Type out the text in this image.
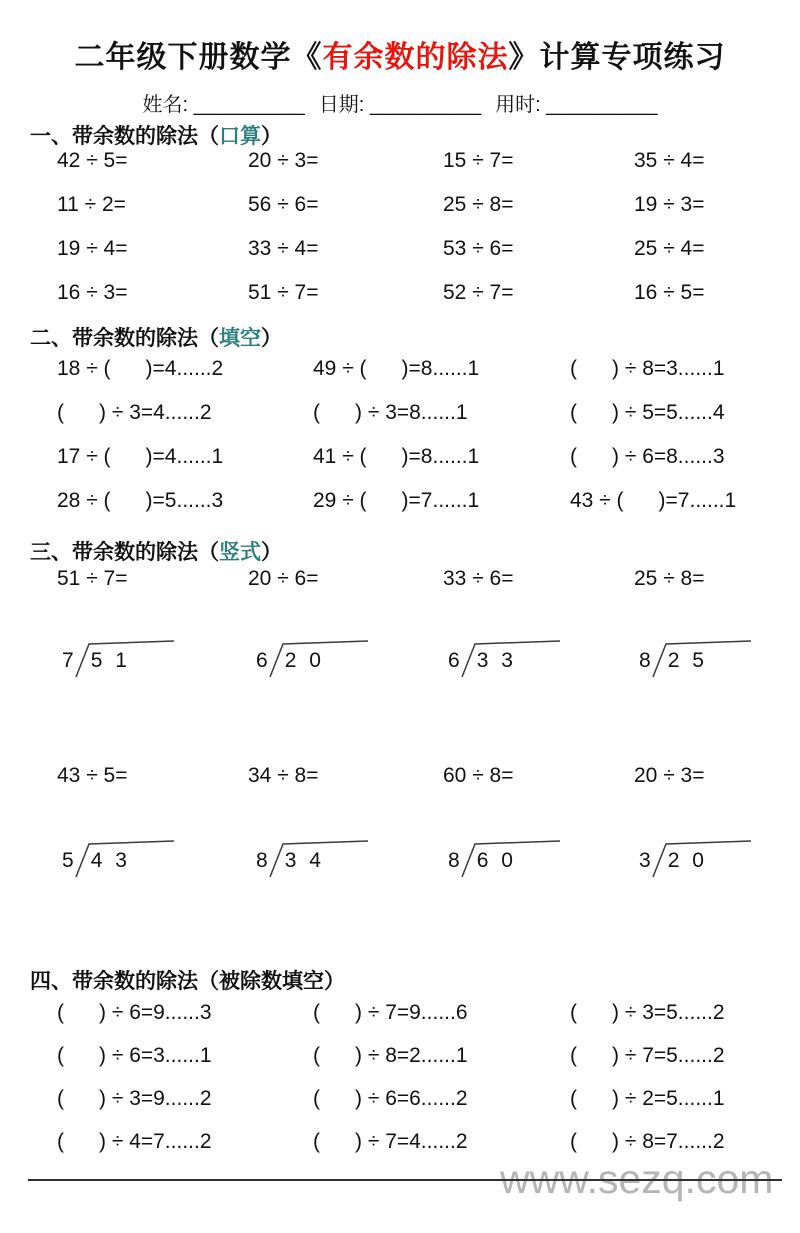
二年级下册数学《有余数的除法》计算专项练习
姓名: __________ 日期: __________ 用时: __________
一、带余数的除法（口算）
42 ÷ 5=	20 ÷ 3=	15 ÷ 7=	35 ÷ 4=
11 ÷ 2=	56 ÷ 6=	25 ÷ 8=	19 ÷ 3=
19 ÷ 4=	33 ÷ 4=	53 ÷ 6=	25 ÷ 4=
16 ÷ 3=	51 ÷ 7=	52 ÷ 7=	16 ÷ 5=
二、带余数的除法（填空）
18 ÷ (      )=4......2	49 ÷ (      )=8......1	(      ) ÷ 8=3......1
(      ) ÷ 3=4......2	(      ) ÷ 3=8......1	(      ) ÷ 5=5......4
17 ÷ (      )=4......1	41 ÷ (      )=8......1	(      ) ÷ 6=8......3
28 ÷ (      )=5......3	29 ÷ (      )=7......1	43 ÷ (      )=7......1
三、带余数的除法（竖式）
51 ÷ 7=	20 ÷ 6=	33 ÷ 6=	25 ÷ 8=
7 5 1	6 2 0	6 3 3	8 2 5
43 ÷ 5=	34 ÷ 8=	60 ÷ 8=	20 ÷ 3=
5 4 3	8 3 4	8 6 0	3 2 0
四、带余数的除法（被除数填空）
(      ) ÷ 6=9......3	(      ) ÷ 7=9......6	(      ) ÷ 3=5......2
(      ) ÷ 6=3......1	(      ) ÷ 8=2......1	(      ) ÷ 7=5......2
(      ) ÷ 3=9......2	(      ) ÷ 6=6......2	(      ) ÷ 2=5......1
(      ) ÷ 4=7......2	(      ) ÷ 7=4......2	(      ) ÷ 8=7......2
www.sezq.com
